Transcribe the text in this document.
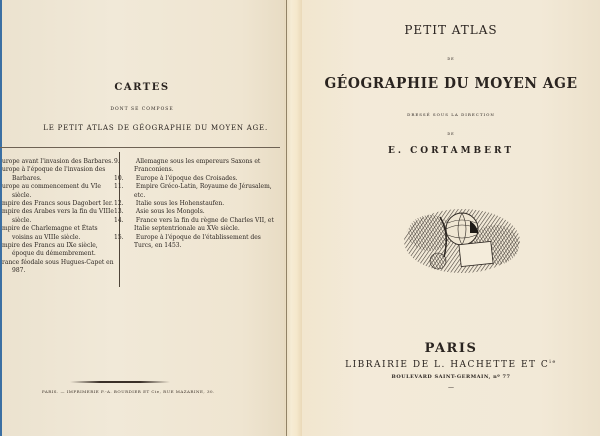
CARTES
DONT SE COMPOSE
LE PETIT ATLAS DE GÉOGRAPHIE DU MOYEN AGE.
urope avant l'invasion des Barbares.
urope à l'époque de l'invasion des Barbares.
urope au commencement du VIe siècle.
mpire des Francs sous Dagobert Ier.
mpire des Arabes vers la fin du VIIIe siècle.
mpire de Charlemagne et États voisins au VIIIe siècle.
mpire des Francs au IXe siècle, époque du démembrement.
rance féodale sous Hugues-Capet en 987.
9.	Allemagne sous les empereurs Saxons et Franconiens.
10. Europe à l'époque des Croisades.
11. Empire Gréco-Latin, Royaume de Jérusalem, etc.
12. Italie sous les Hohenstaufen.
13. Asie sous les Mongols.
14. France vers la fin du règne de Charles VII, et Italie septentrionale au XVe siècle.
15. Europe à l'époque de l'établissement des Turcs, en 1453.
PARIS. — IMPRIMERIE P.-A. BOURDIER ET Cie, RUE MAZARINE, 30.
PETIT ATLAS
DE
GÉOGRAPHIE DU MOYEN AGE
DRESSÉ SOUS LA DIRECTION
DE
E. CORTAMBERT
PARIS
LIBRAIRIE DE L. HACHETTE ET $C^{ie}$
BOULEVARD SAINT-GERMAIN, nº 77
—
